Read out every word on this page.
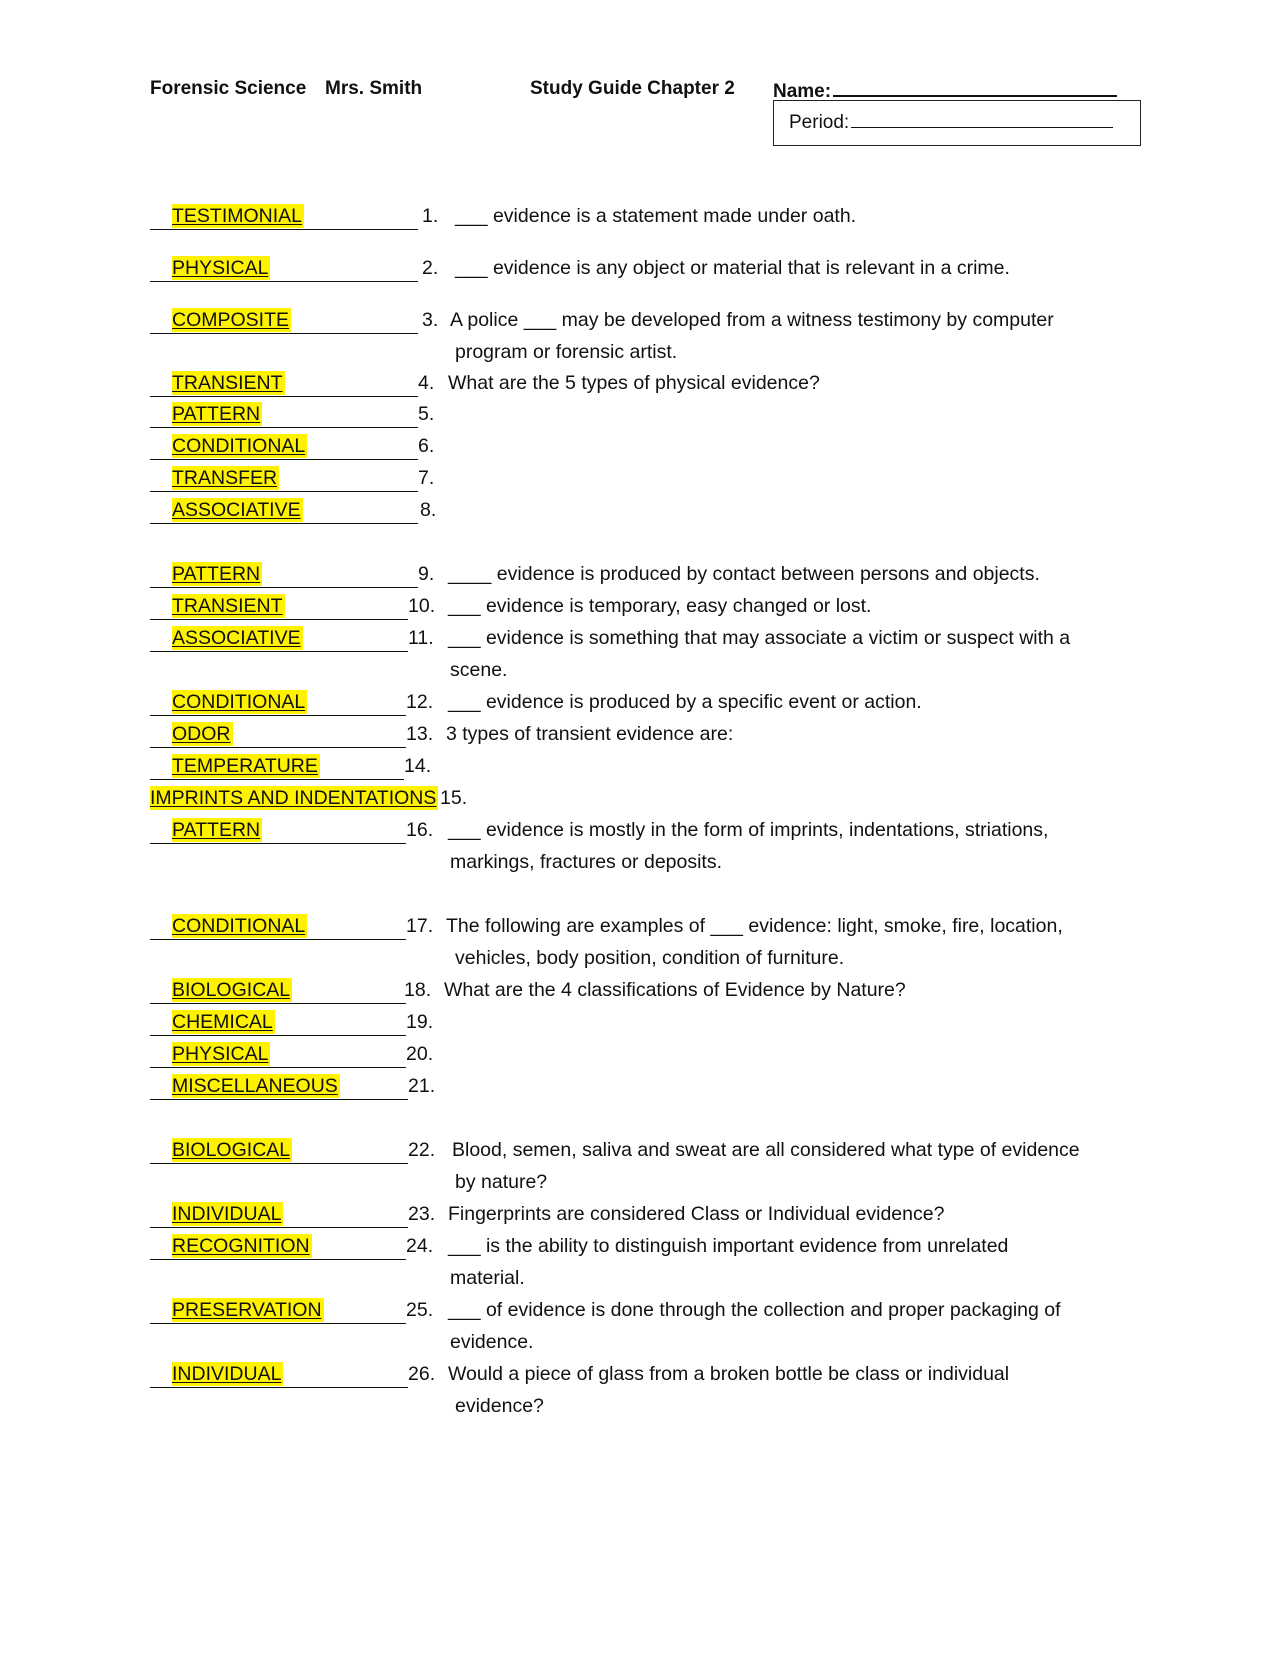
Forensic Science Mrs. Smith	Study Guide Chapter 2 Name:
Period:
TESTIMONIAL	1. ___ evidence is a statement made under oath.
PHYSICAL	2. ___ evidence is any object or material that is relevant in a crime.
COMPOSITE	3. A police ___ may be developed from a witness testimony by computer
program or forensic artist.
TRANSIENT	4. What are the 5 types of physical evidence?
PATTERN	5.
CONDITIONAL	6.
TRANSFER	7.
ASSOCIATIVE	8.
PATTERN	9. ____ evidence is produced by contact between persons and objects.
TRANSIENT	10. ___ evidence is temporary, easy changed or lost.
ASSOCIATIVE	11. ___ evidence is something that may associate a victim or suspect with a
scene.
CONDITIONAL	12. ___ evidence is produced by a specific event or action.
ODOR	13. 3 types of transient evidence are:
TEMPERATURE	14.
IMPRINTS AND INDENTATIONS 15.
PATTERN	16. ___ evidence is mostly in the form of imprints, indentations, striations,
markings, fractures or deposits.
CONDITIONAL	17. The following are examples of ___ evidence: light, smoke, fire, location,
vehicles, body position, condition of furniture.
BIOLOGICAL	18. What are the 4 classifications of Evidence by Nature?
CHEMICAL	19.
PHYSICAL	20.
MISCELLANEOUS	21.
BIOLOGICAL	22. Blood, semen, saliva and sweat are all considered what type of evidence
by nature?
INDIVIDUAL	23. Fingerprints are considered Class or Individual evidence?
RECOGNITION	24. ___ is the ability to distinguish important evidence from unrelated
material.
PRESERVATION	25. ___ of evidence is done through the collection and proper packaging of
evidence.
INDIVIDUAL	26. Would a piece of glass from a broken bottle be class or individual
evidence?
